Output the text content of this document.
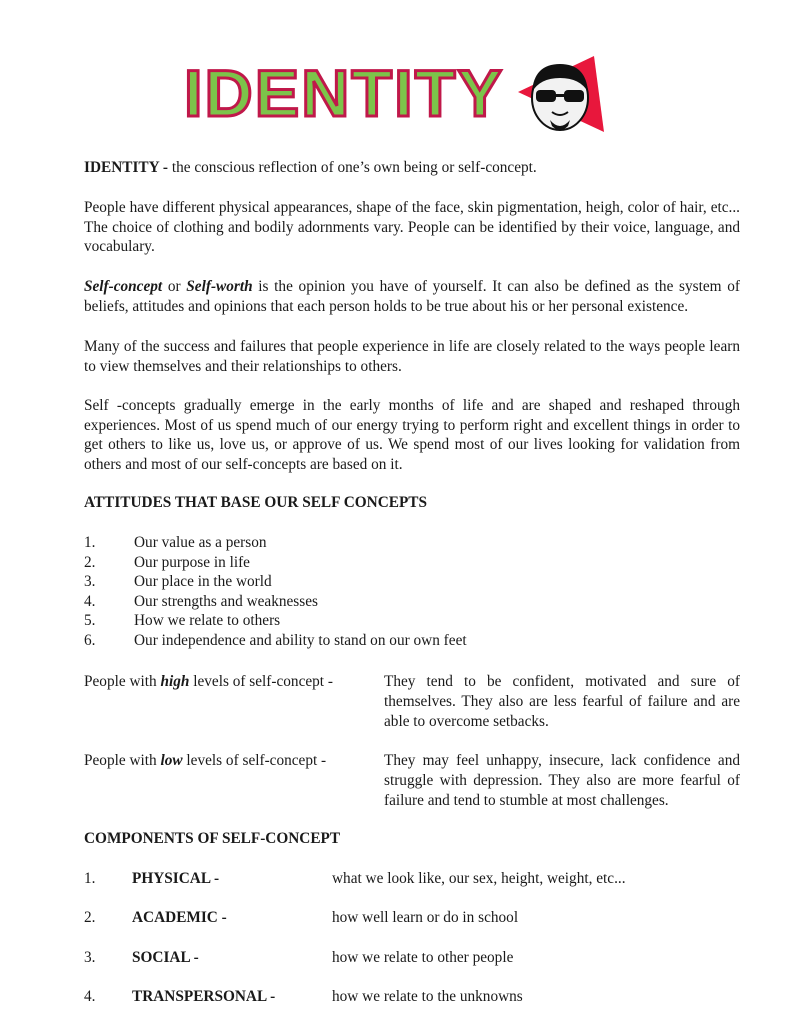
IDENTITY
IDENTITY - the conscious reflection of one’s own being or self-concept.
People have different physical appearances, shape of the face, skin pigmentation, heigh, color of hair, etc... The choice of clothing and bodily adornments vary. People can be identified by their voice, language, and vocabulary.
Self-concept or Self-worth is the opinion you have of yourself. It can also be defined as the system of beliefs, attitudes and opinions that each person holds to be true about his or her personal existence.
Many of the success and failures that people experience in life are closely related to the ways people learn to view themselves and their relationships to others.
Self -concepts gradually emerge in the early months of life and are shaped and reshaped through experiences. Most of us spend much of our energy trying to perform right and excellent things in order to get others to like us, love us, or approve of us. We spend most of our lives looking for validation from others and most of our self-concepts are based on it.
ATTITUDES THAT BASE OUR SELF CONCEPTS
1.	Our value as a person
2.	Our purpose in life
3.	Our place in the world
4.	Our strengths and weaknesses
5.	How we relate to others
6.	Our independence and ability to stand on our own feet
People with high levels of self-concept -	They tend to be confident, motivated and sure of themselves. They also are less fearful of failure and are able to overcome setbacks.
People with low levels of self-concept -	They may feel unhappy, insecure, lack confidence and struggle with depression. They also are more fearful of failure and tend to stumble at most challenges.
COMPONENTS OF SELF-CONCEPT
1. PHYSICAL -	what we look like, our sex, height, weight, etc...
2. ACADEMIC -	how well learn or do in school
3. SOCIAL -	how we relate to other people
4. TRANSPERSONAL -	how we relate to the unknowns
